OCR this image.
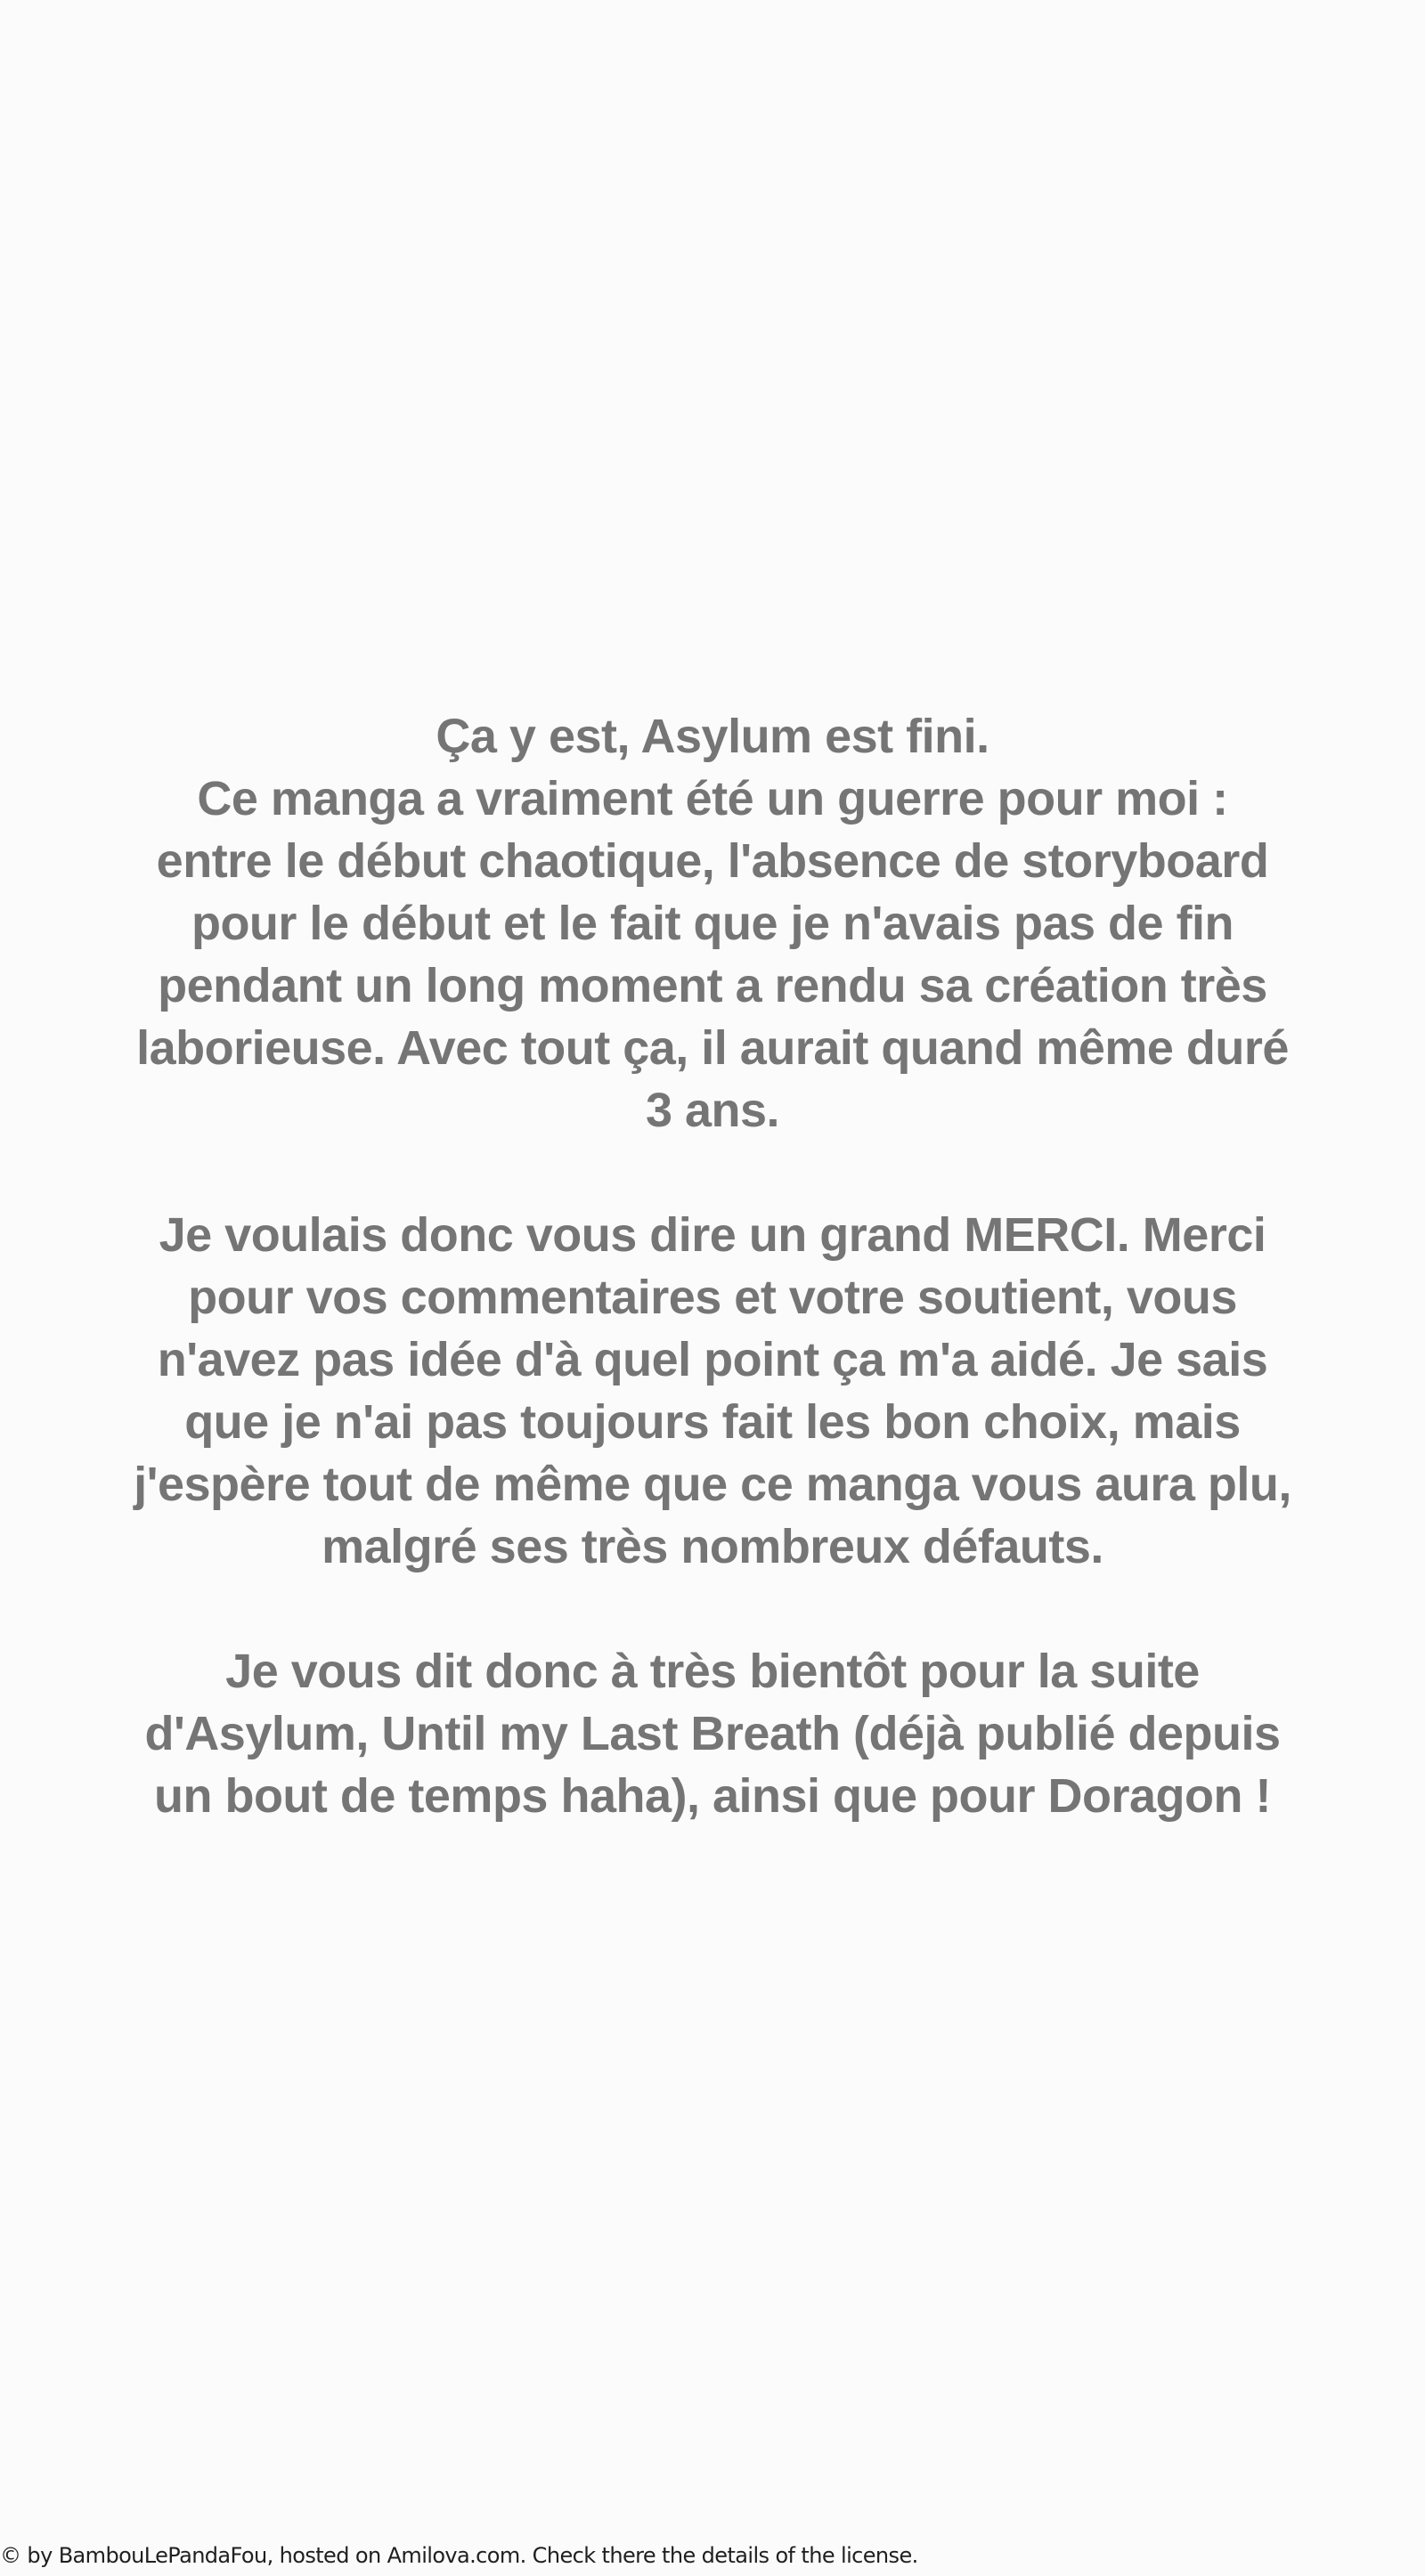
Ça y est, Asylum est fini.
Ce manga a vraiment été un guerre pour moi :
entre le début chaotique, l'absence de storyboard
pour le début et le fait que je n'avais pas de fin
pendant un long moment a rendu sa création très
laborieuse. Avec tout ça, il aurait quand même duré
3 ans.
Je voulais donc vous dire un grand MERCI. Merci
pour vos commentaires et votre soutient, vous
n'avez pas idée d'à quel point ça m'a aidé. Je sais
que je n'ai pas toujours fait les bon choix, mais
j'espère tout de même que ce manga vous aura plu,
malgré ses très nombreux défauts.
Je vous dit donc à très bientôt pour la suite
d'Asylum, Until my Last Breath (déjà publié depuis
un bout de temps haha), ainsi que pour Doragon !
© by BambouLePandaFou, hosted on Amilova.com. Check there the details of the license.
